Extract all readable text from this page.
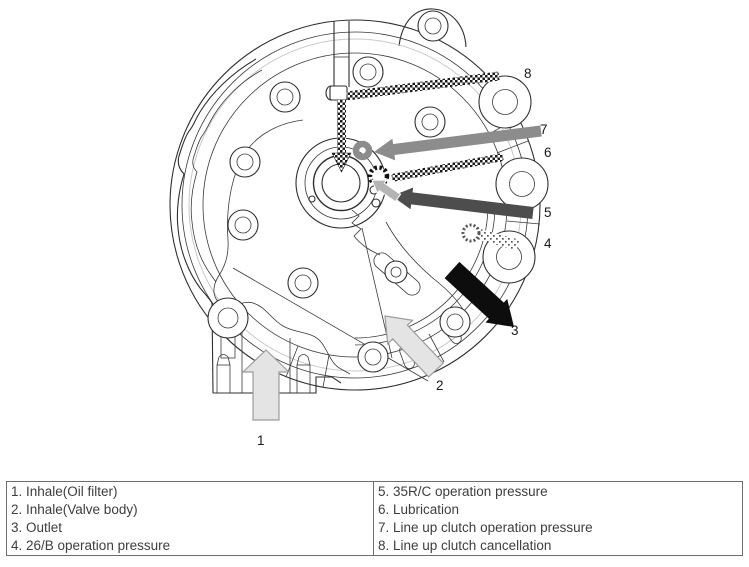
1
2
3
4
5
6
7
8
1. Inhale(Oil filter)
2. Inhale(Valve body)
3. Outlet
4. 26/B operation pressure
5. 35R/C operation pressure
6. Lubrication
7. Line up clutch operation pressure
8. Line up clutch cancellation
